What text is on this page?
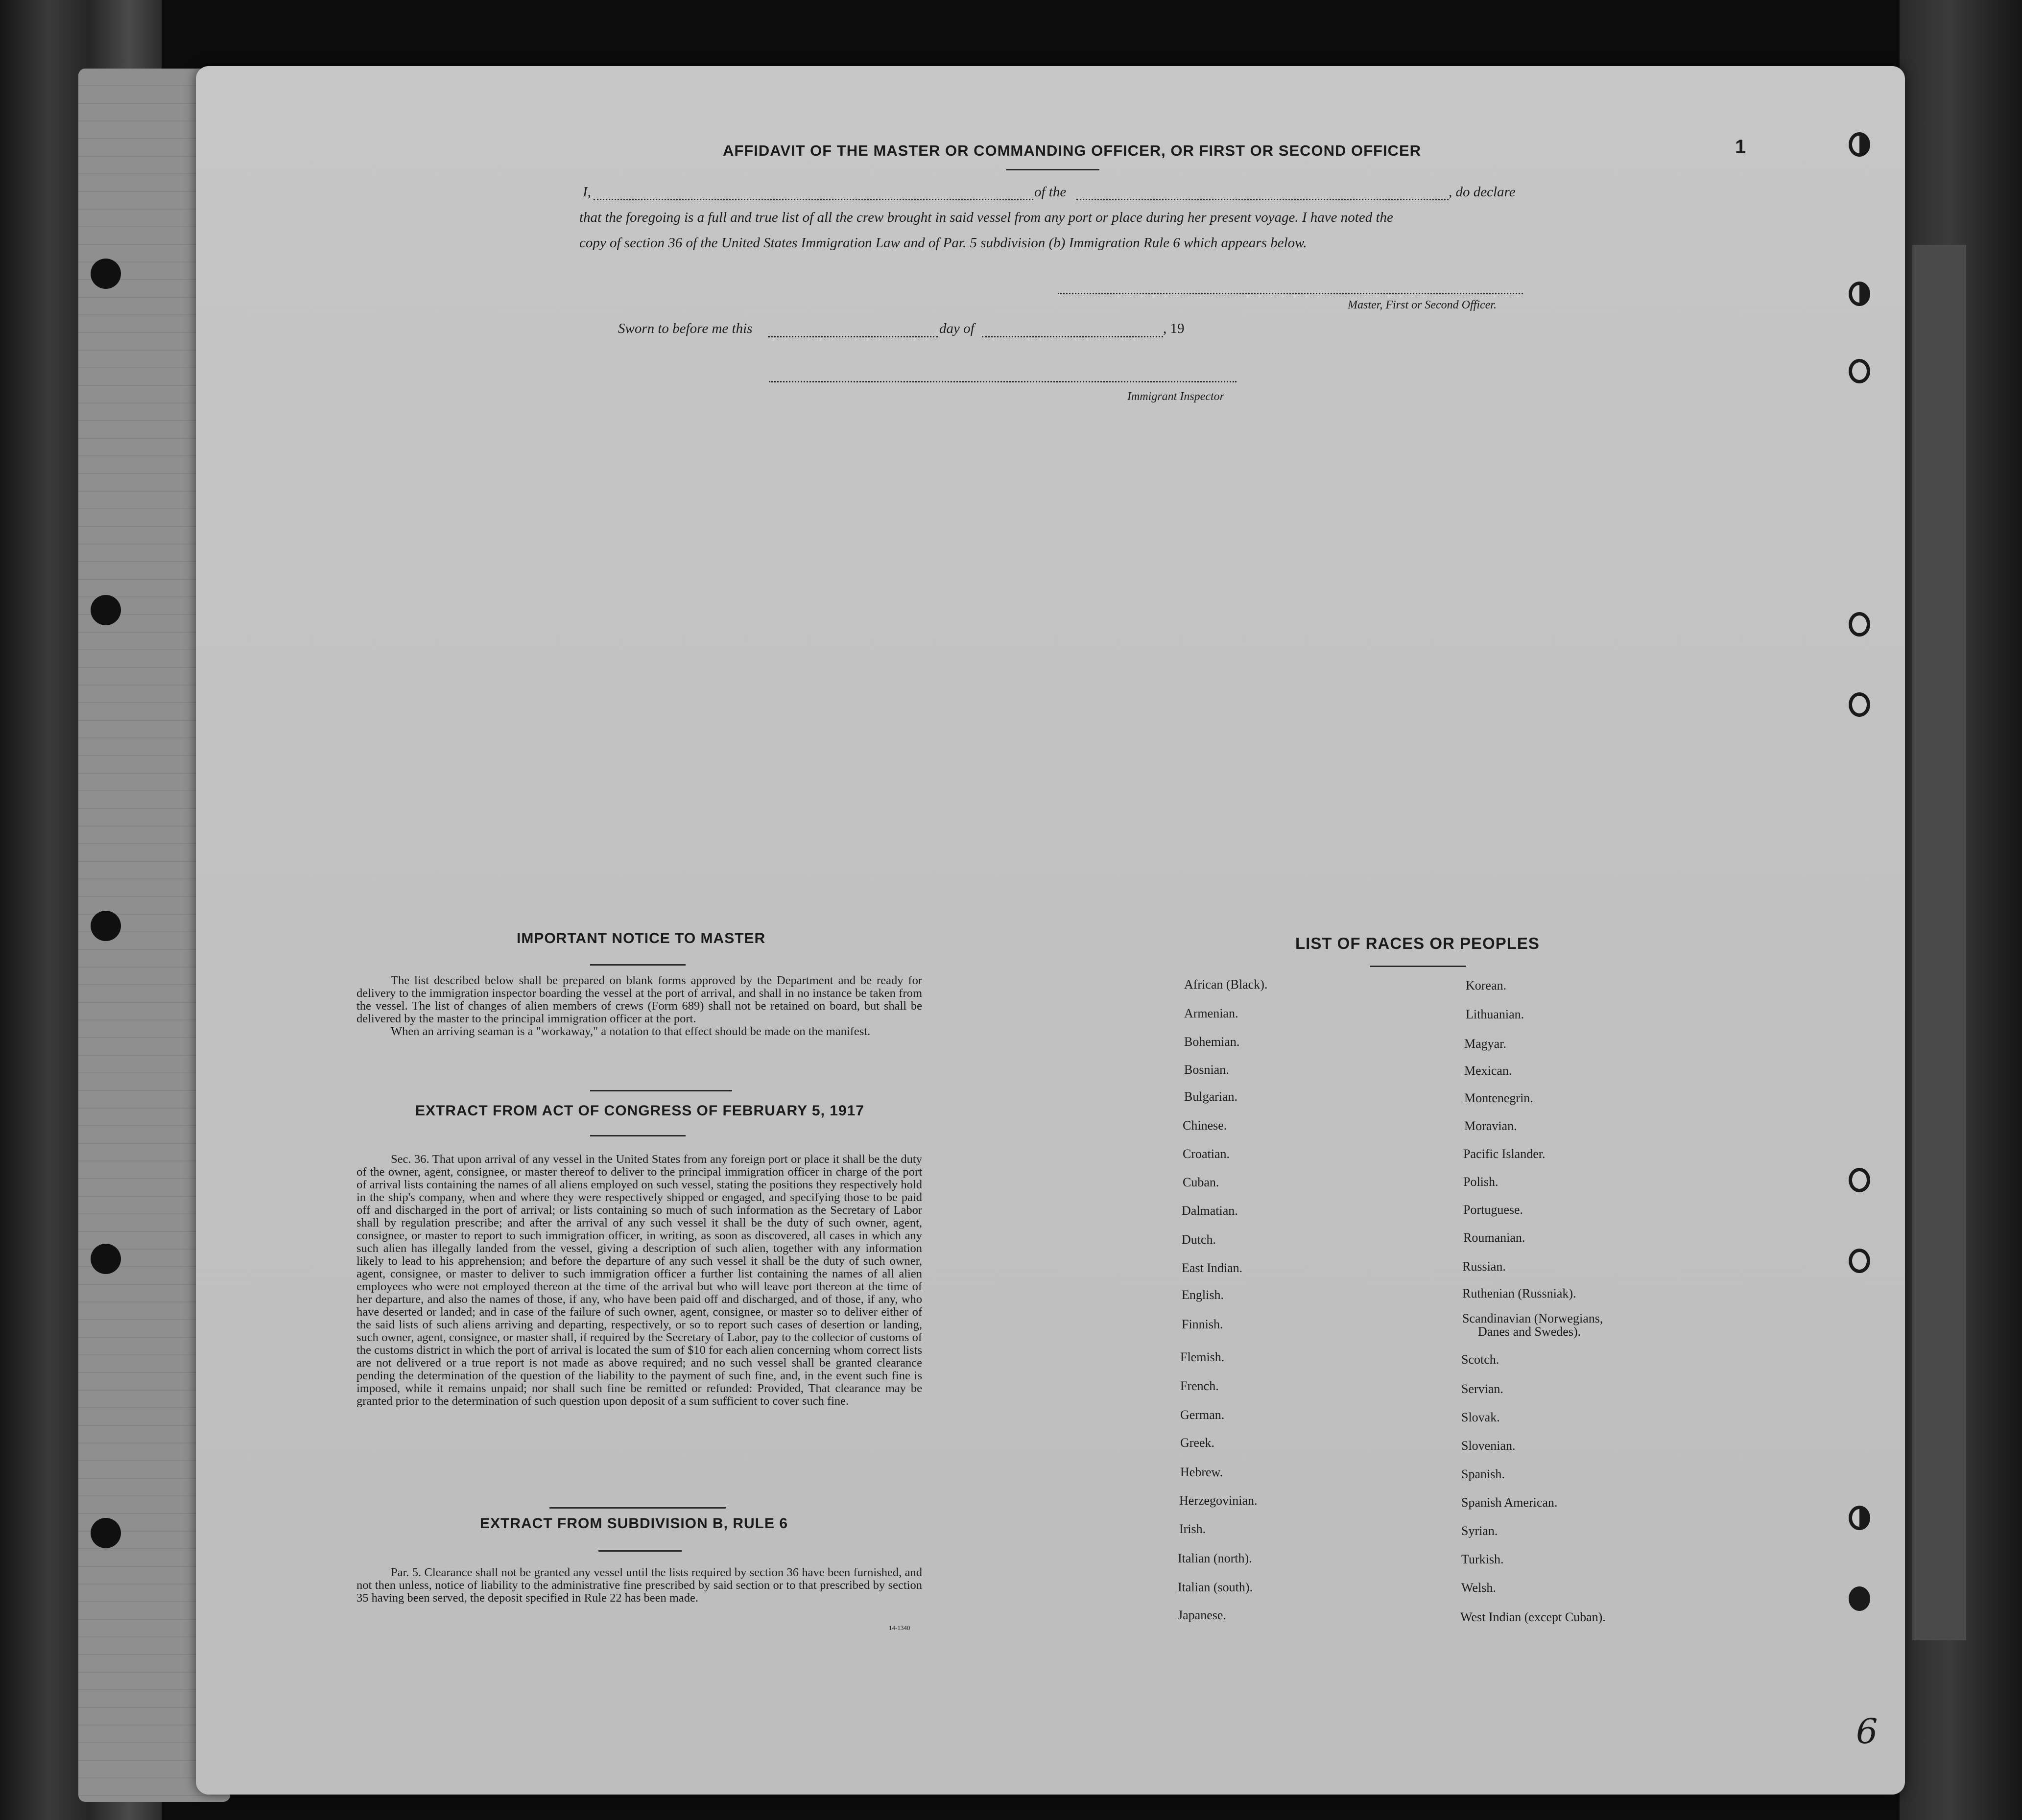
1
6
AFFIDAVIT OF THE MASTER OR COMMANDING OFFICER, OR FIRST OR SECOND OFFICER
I,	of the	, do declare
that the foregoing is a full and true list of all the crew brought in said vessel from any port or place during her present voyage. I have noted the
copy of section 36 of the United States Immigration Law and of Par. 5 subdivision (b) Immigration Rule 6 which appears below.
Master, First or Second Officer.
Sworn to before me this	day of	, 19
Immigrant Inspector
IMPORTANT NOTICE TO MASTER

The list described below shall be prepared on blank forms approved by the Department and be ready for delivery to the immigration inspector boarding the vessel at the port of arrival, and shall in no instance be taken from the vessel. The list of changes of alien members of crews (Form 689) shall not be retained on board, but shall be delivered by the master to the principal immigration officer at the port.

When an arriving seaman is a "workaway," a notation to that effect should be made on the manifest.

EXTRACT FROM ACT OF CONGRESS OF FEBRUARY 5, 1917

Sec. 36. That upon arrival of any vessel in the United States from any foreign port or place it shall be the duty of the owner, agent, consignee, or master thereof to deliver to the principal immigration officer in charge of the port of arrival lists containing the names of all aliens employed on such vessel, stating the positions they respectively hold in the ship's company, when and where they were respectively shipped or engaged, and specifying those to be paid off and discharged in the port of arrival; or lists containing so much of such information as the Secretary of Labor shall by regulation prescribe; and after the arrival of any such vessel it shall be the duty of such owner, agent, consignee, or master to report to such immigration officer, in writing, as soon as discovered, all cases in which any such alien has illegally landed from the vessel, giving a description of such alien, together with any information likely to lead to his apprehension; and before the departure of any such vessel it shall be the duty of such owner, agent, consignee, or master to deliver to such immigration officer a further list containing the names of all alien employees who were not employed thereon at the time of the arrival but who will leave port thereon at the time of her departure, and also the names of those, if any, who have been paid off and discharged, and of those, if any, who have deserted or landed; and in case of the failure of such owner, agent, consignee, or master so to deliver either of the said lists of such aliens arriving and departing, respectively, or so to report such cases of desertion or landing, such owner, agent, consignee, or master shall, if required by the Secretary of Labor, pay to the collector of customs of the customs district in which the port of arrival is located the sum of $10 for each alien concerning whom correct lists are not delivered or a true report is not made as above required; and no such vessel shall be granted clearance pending the determination of the question of the liability to the payment of such fine, and, in the event such fine is imposed, while it remains unpaid; nor shall such fine be remitted or refunded: Provided, That clearance may be granted prior to the determination of such question upon deposit of a sum sufficient to cover such fine.

EXTRACT FROM SUBDIVISION B, RULE 6

Par. 5. Clearance shall not be granted any vessel until the lists required by section 36 have been furnished, and not then unless, notice of liability to the administrative fine prescribed by said section or to that prescribed by section 35 having been served, the deposit specified in Rule 22 has been made.

14-1340
LIST OF RACES OR PEOPLES
African (Black).
Armenian.
Bohemian.
Bosnian.
Bulgarian.
Chinese.
Croatian.
Cuban.
Dalmatian.
Dutch.
East Indian.
English.
Finnish.
Flemish.
French.
German.
Greek.
Hebrew.
Herzegovinian.
Irish.
Italian (north).
Italian (south).
Japanese.
Korean.
Lithuanian.
Magyar.
Mexican.
Montenegrin.
Moravian.
Pacific Islander.
Polish.
Portuguese.
Roumanian.
Russian.
Ruthenian (Russniak).
Scandinavian (Norwegians,
Danes and Swedes).
Scotch.
Servian.
Slovak.
Slovenian.
Spanish.
Spanish American.
Syrian.
Turkish.
Welsh.
West Indian (except Cuban).
